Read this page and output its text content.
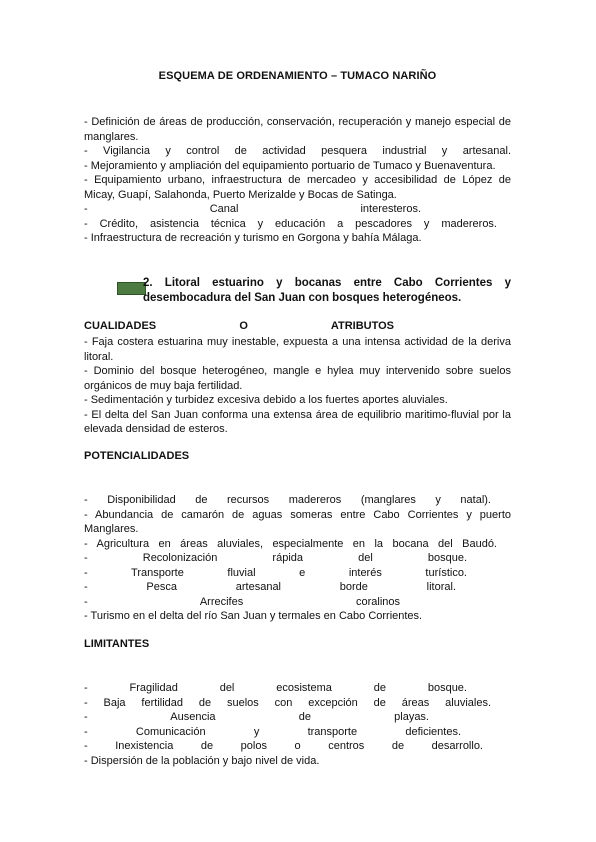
ESQUEMA DE ORDENAMIENTO – TUMACO NARIÑO

- Definición de áreas de producción, conservación, recuperación y manejo especial de manglares.

- Vigilancia y control de actividad pesquera industrial y artesanal.

- Mejoramiento y ampliación del equipamiento portuario de Tumaco y Buenaventura.

- Equipamiento urbano, infraestructura de mercadeo y accesibilidad de López de Micay, Guapí, Salahonda, Puerto Merizalde y Bocas de Satinga.

- Canal interesteros.

- Crédito, asistencia técnica y educación a pescadores y madereros.

- Infraestructura de recreación y turismo en Gorgona y bahía Málaga.

2. Litoral estuarino y bocanas entre Cabo Corrientes y desembocadura del San Juan con bosques heterogéneos.
CUALIDADES O ATRIBUTOS

- Faja costera estuarina muy inestable, expuesta a una intensa actividad de la deriva litoral.

- Dominio del bosque heterogéneo, mangle e hylea muy intervenido sobre suelos orgánicos de muy baja fertilidad.

- Sedimentación y turbidez excesiva debido a los fuertes aportes aluviales.

- El delta del San Juan conforma una extensa área de equilibrio maritimo-fluvial por la elevada densidad de esteros.

POTENCIALIDADES

- Disponibilidad de recursos madereros (manglares y natal).

- Abundancia de camarón de aguas someras entre Cabo Corrientes y puerto Manglares.

- Agricultura en áreas aluviales, especialmente en la bocana del Baudó.

- Recolonización rápida del bosque.

- Transporte fluvial e interés turístico.

- Pesca artesanal borde litoral.

- Arrecifes coralinos

- Turismo en el delta del río San Juan y termales en Cabo Corrientes.

LIMITANTES

- Fragilidad del ecosistema de bosque.

- Baja fertilidad de suelos con excepción de áreas aluviales.

- Ausencia de playas.

- Comunicación y transporte deficientes.

- Inexistencia de polos o centros de desarrollo.

- Dispersión de la población y bajo nivel de vida.
